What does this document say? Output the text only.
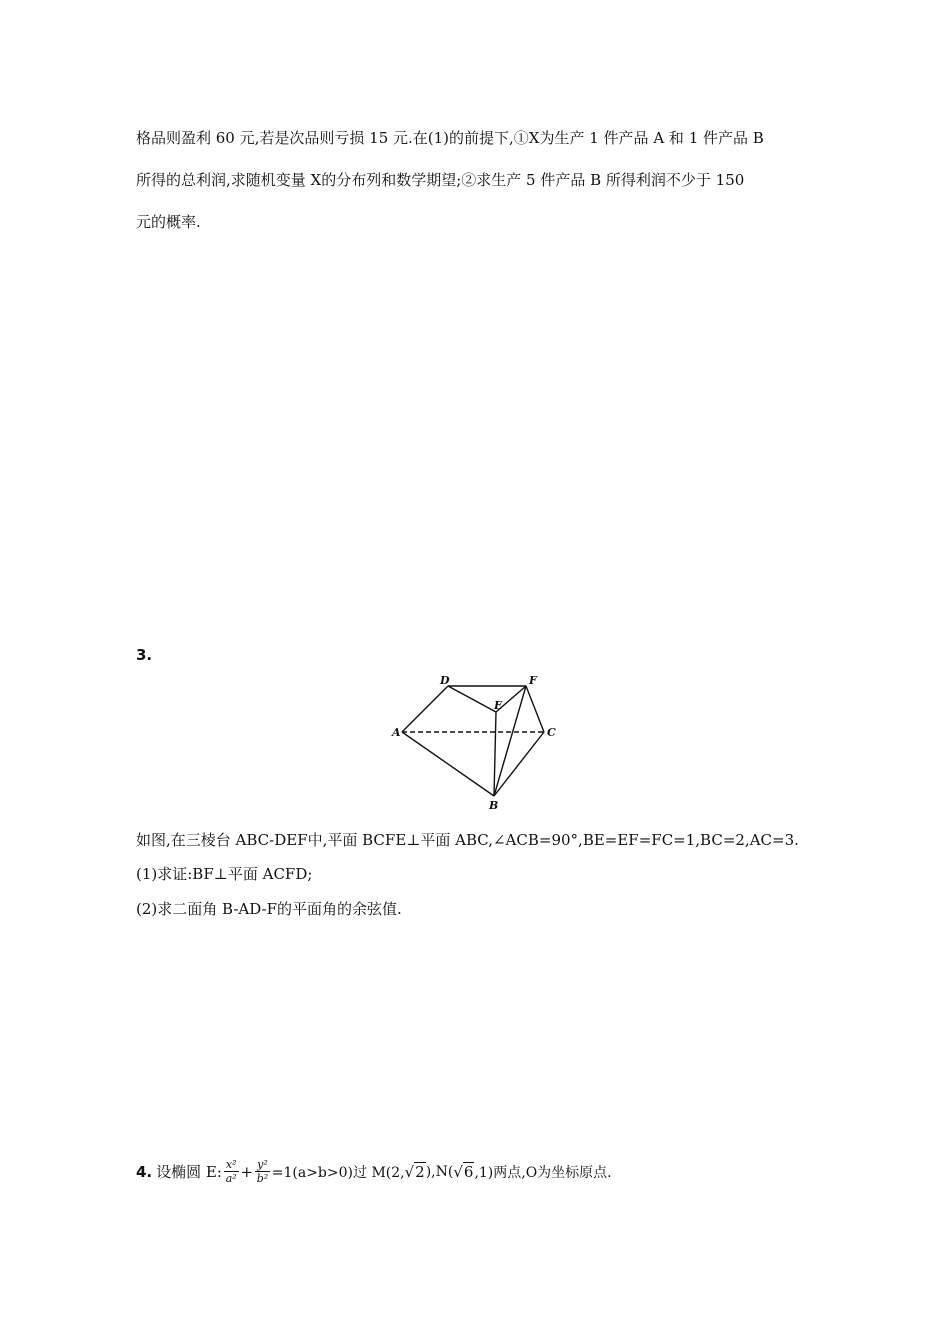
格品则盈利 60 元,若是次品则亏损 15 元.在(1)的前提下,①X为生产 1 件产品 A 和 1 件产品 B
所得的总利润,求随机变量 X的分布列和数学期望;②求生产 5 件产品 B 所得利润不少于 150
元的概率.
3.
D	F
E
A	C
B
如图,在三棱台 ABC-DEF中,平面 BCFE⊥平面 ABC,∠ACB=90°,BE=EF=FC=1,BC=2,AC=3.
(1)求证:BF⊥平面 ACFD;
(2)求二面角 B-AD-F的平面角的余弦值.
4. 设椭圆 E: $\frac{\text{x²}}{\text{a²}} + \frac{\text{y²}}{\text{b²}} =1(a>b>0)$过 M(2, √2 ),N( √6 ,1)两点,O为坐标原点.
